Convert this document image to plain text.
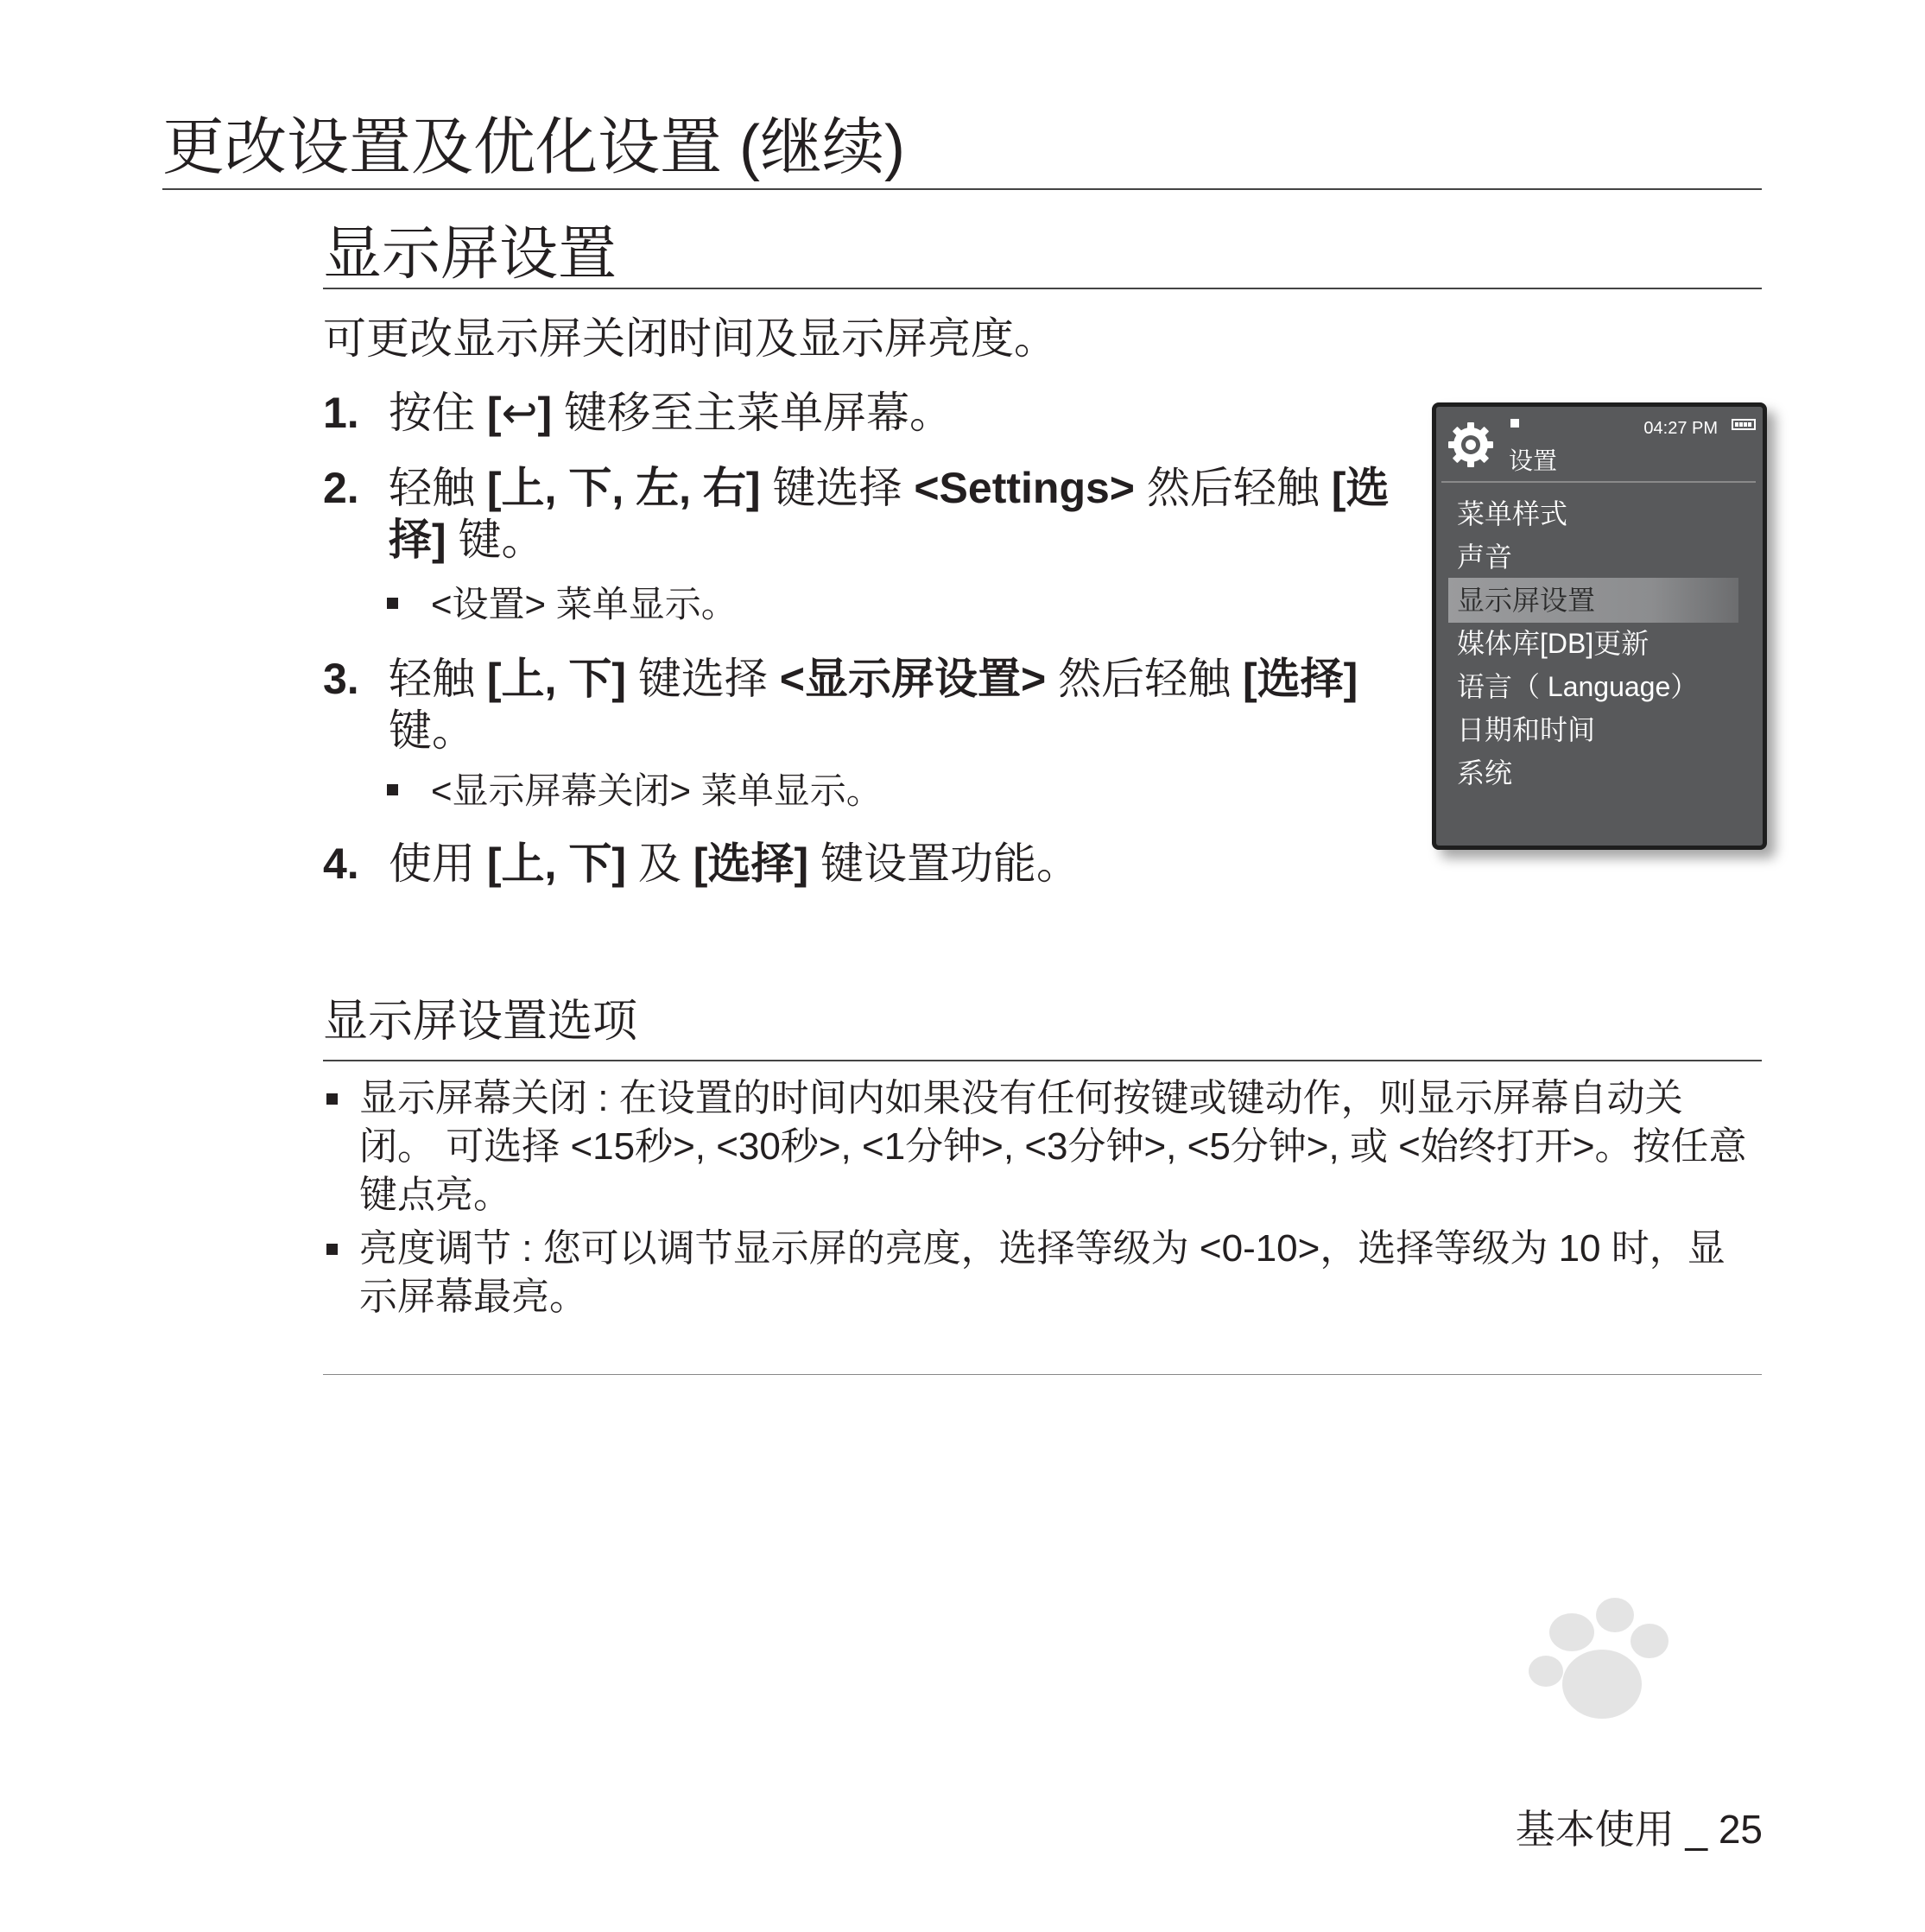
更改设置及优化设置 (继续)
显示屏设置
可更改显示屏关闭时间及显示屏亮度。
1. 按住 [↩] 键移至主菜单屏幕。
2. 轻触 [上, 下, 左, 右] 键选择 <Settings> 然后轻触 [选择] 键。
<设置> 菜单显示。
3. 轻触 [上, 下] 键选择 <显示屏设置> 然后轻触 [选择] 键。
<显示屏幕关闭> 菜单显示。
4. 使用 [上, 下] 及 [选择] 键设置功能。
04:27 PM
设置
菜单样式
声音
显示屏设置
媒体库[DB]更新
语言（ Language）
日期和时间
系统
显示屏设置选项
显示屏幕关闭 : 在设置的时间内如果没有任何按键或键动作，则显示屏幕自动关闭。 可选择 <15秒>, <30秒>, <1分钟>, <3分钟>, <5分钟>, 或 <始终打开>。按任意键点亮。
亮度调节 : 您可以调节显示屏的亮度，选择等级为 <0-10>，选择等级为 10 时，显示屏幕最亮。
基本使用 _ 25
